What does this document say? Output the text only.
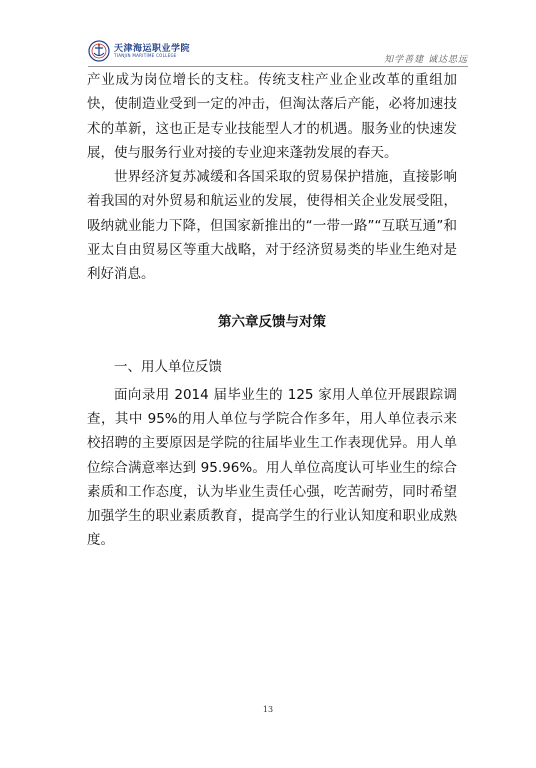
天津海运职业学院
TIANJIN MARITIME COLLEGE	知学善建 诚达思远

产业成为岗位增长的支柱。传统支柱产业企业改革的重组加快，使制造业受到一定的冲击，但淘汰落后产能，必将加速技术的革新，这也正是专业技能型人才的机遇。服务业的快速发展，使与服务行业对接的专业迎来蓬勃发展的春天。

世界经济复苏减缓和各国采取的贸易保护措施，直接影响着我国的对外贸易和航运业的发展，使得相关企业发展受阻，吸纳就业能力下降，但国家新推出的“一带一路”“互联互通”和亚太自由贸易区等重大战略，对于经济贸易类的毕业生绝对是利好消息。

第六章反馈与对策

一、用人单位反馈

面向录用 2014 届毕业生的 125 家用人单位开展跟踪调查，其中 95%的用人单位与学院合作多年，用人单位表示来校招聘的主要原因是学院的往届毕业生工作表现优异。用人单位综合满意率达到 95.96%。用人单位高度认可毕业生的综合素质和工作态度，认为毕业生责任心强，吃苦耐劳，同时希望加强学生的职业素质教育，提高学生的行业认知度和职业成熟度。

13
